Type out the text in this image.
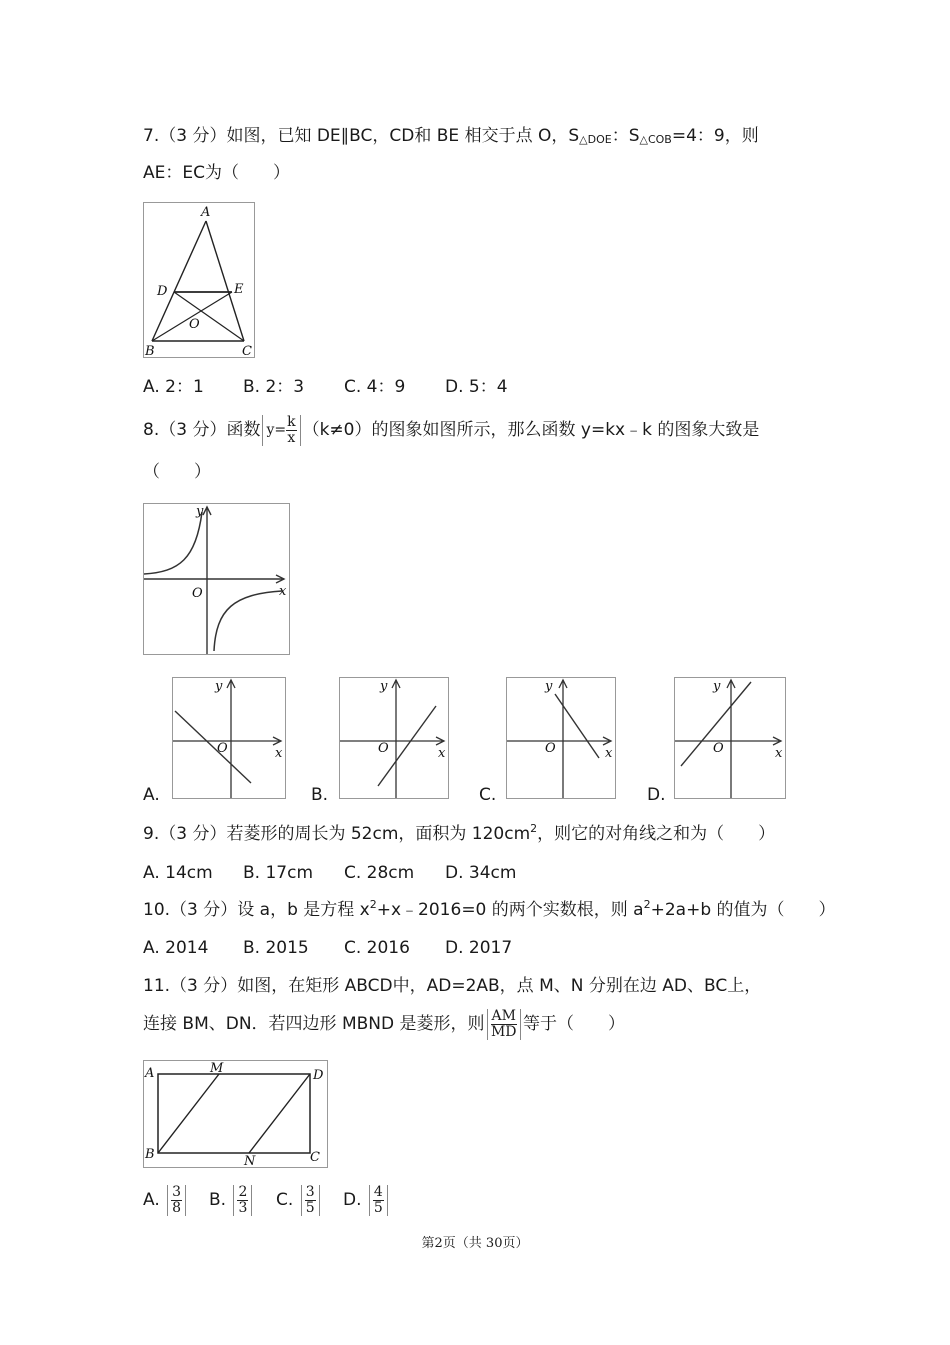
7.（3 分）如图，已知 DE∥BC，CD和 BE 相交于点 O，S△DOE：S△COB=4：9，则
AE：EC为（　　）
A
D	E
O
B	C
A. 2：1 B. 2：3 C. 4：9 D. 5：4
8.（3 分）函数 $y= \frac{k}{x} (k\ne 0)$的图象如图所示，那么函数 y=kx﹣k 的图象大致是
（　　）
y
x
O
A.
y
x
O
B.
y
x
O
C.
y
x
O
D.
y
x
O
9.（3 分）若菱形的周长为 52cm，面积为 $120cm^2$，则它的对角线之和为（　　）
A. 14cm B. 17cm C. 28cm D. 34cm
10.（3 分）设 a，b 是方程 $x^2+x﹣2016=0$ 的两个实数根，则 $a^2+2a+b$ 的值为（　　）
A. 2014 B. 2015 C. 2016 D. 2017
11.（3 分）如图，在矩形 ABCD中，AD=2AB，点 M、N 分别在边 AD、BC上，
连接 BM、DN．若四边形 MBND 是菱形，则 $\frac{AM}{MD}$ 等于（　　）
A	M	D
B	N	C
A. $\frac{3}{8} B$. $\frac{2}{3} C$. $\frac{3}{5} D$. $\frac{4}{5}$
第2页（共 30页）
